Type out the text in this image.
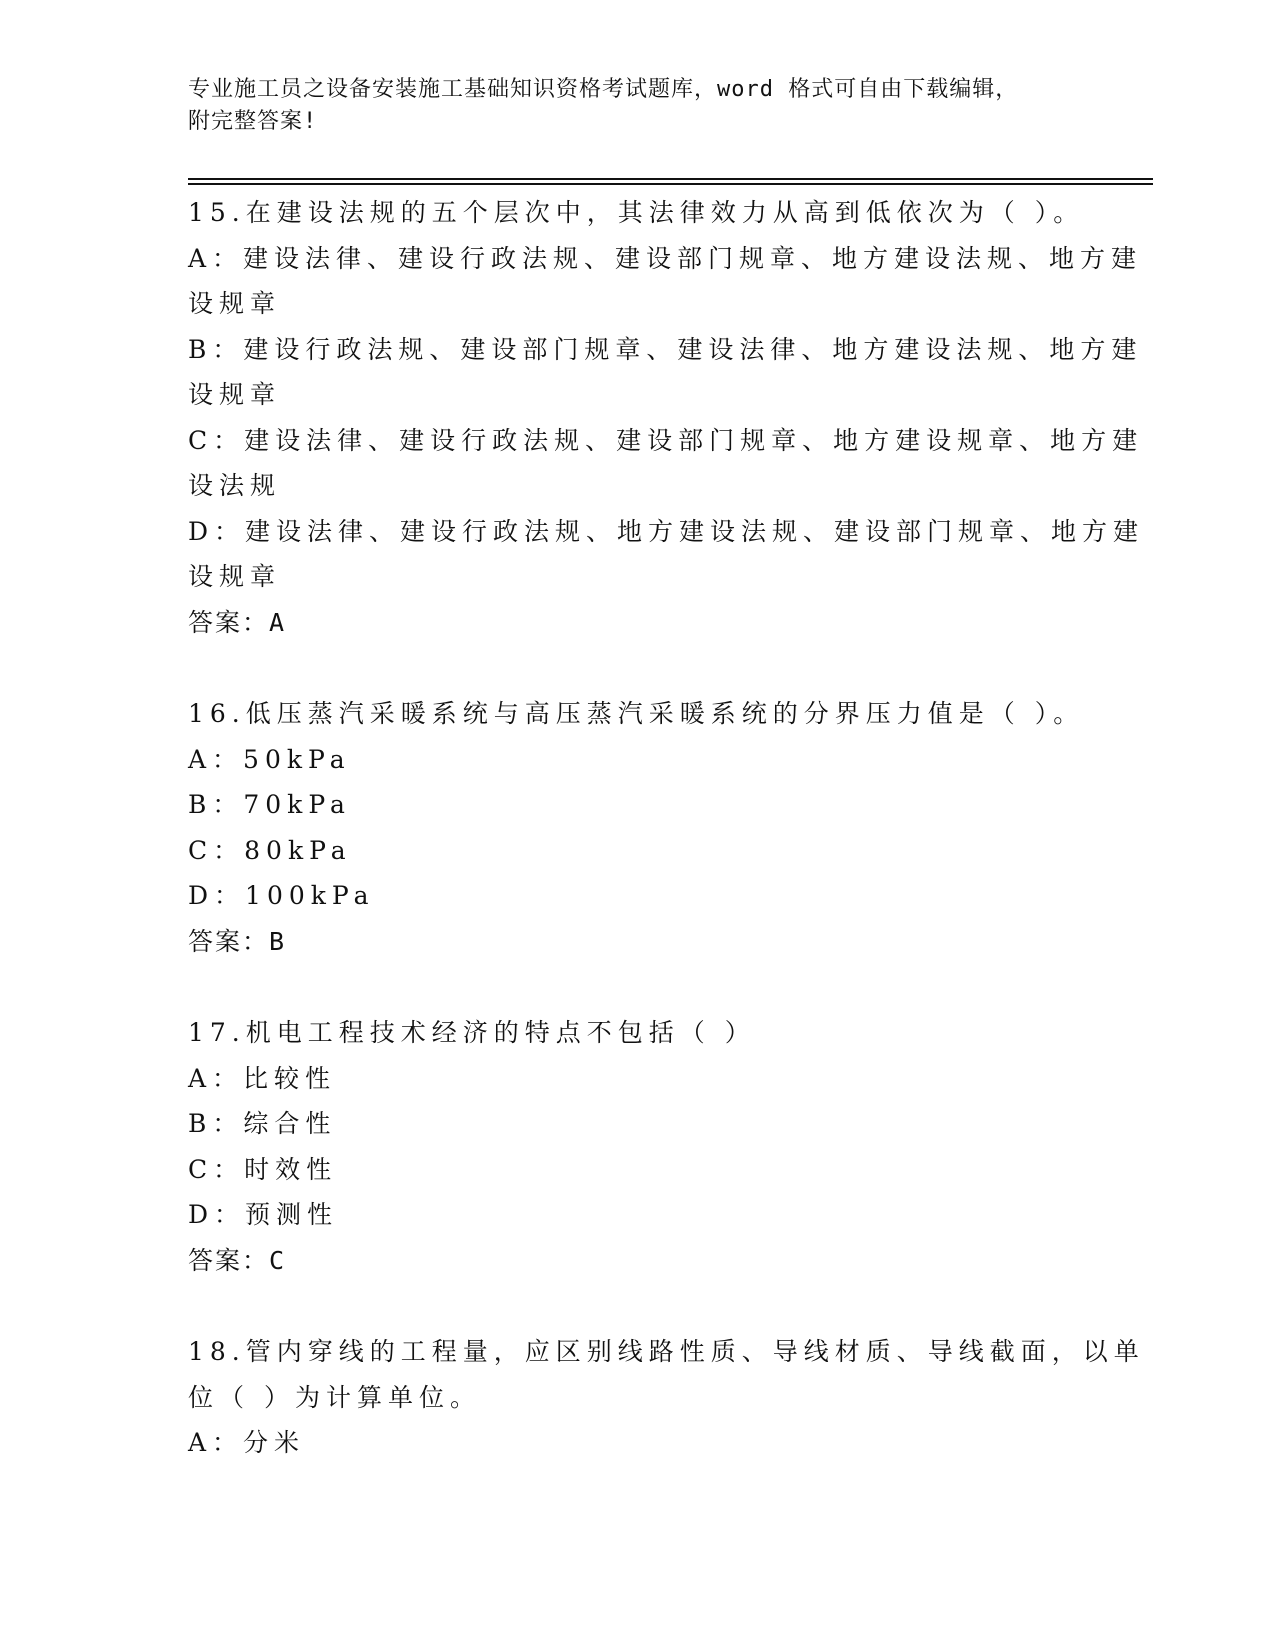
专业施工员之设备安装施工基础知识资格考试题库，word 格式可自由下载编辑，
附完整答案!
15.在建设法规的五个层次中，其法律效力从高到低依次为（ ）。
A：建设法律、建设行政法规、建设部门规章、地方建设法规、地方建
设规章
B：建设行政法规、建设部门规章、建设法律、地方建设法规、地方建
设规章
C：建设法律、建设行政法规、建设部门规章、地方建设规章、地方建
设法规
D：建设法律、建设行政法规、地方建设法规、建设部门规章、地方建
设规章
答案：A
16.低压蒸汽采暖系统与高压蒸汽采暖系统的分界压力值是（ ）。
A：50kPa
B：70kPa
C：80kPa
D：100kPa
答案：B
17.机电工程技术经济的特点不包括（ ）
A：比较性
B：综合性
C：时效性
D：预测性
答案：C
18.管内穿线的工程量，应区别线路性质、导线材质、导线截面，以单
位（ ）为计算单位。
A：分米
